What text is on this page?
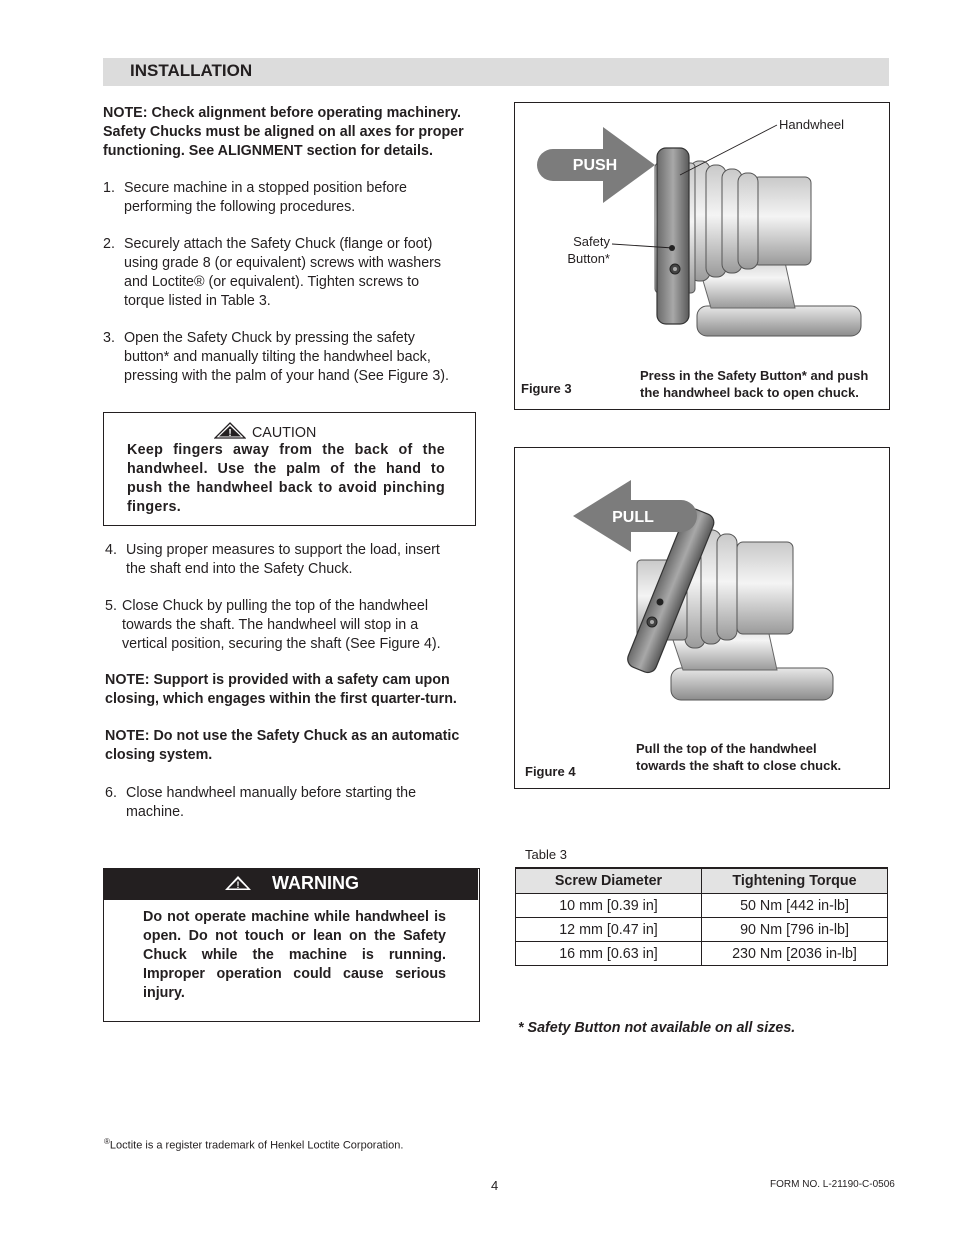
INSTALLATION
NOTE: Check alignment before operating machinery. Safety Chucks must be aligned on all axes for proper functioning. See ALIGNMENT section for details.
1. Secure machine in a stopped position before
performing the following procedures.
2. Securely attach the Safety Chuck (flange or foot)
using grade 8 (or equivalent) screws with washers
and Loctite® (or equivalent). Tighten screws to
torque listed in Table 3.
3. Open the Safety Chuck by pressing the safety
button* and manually tilting the handwheel back,
pressing with the palm of your hand (See Figure 3).
! CAUTION
Keep fingers away from the back of the handwheel. Use the palm of the hand to push the handwheel back to avoid pinching fingers.
4. Using proper measures to support the load, insert
the shaft end into the Safety Chuck.
5. Close Chuck by pulling the top of the handwheel
towards the shaft. The handwheel will stop in a
vertical position, securing the shaft (See Figure 4).
NOTE: Support is provided with a safety cam upon closing, which engages within the first quarter-turn.
NOTE: Do not use the Safety Chuck as an automatic closing system.
6. Close handwheel manually before starting the
machine.
! WARNING
Do not operate machine while handwheel is open. Do not touch or lean on the Safety Chuck while the machine is running. Improper operation could cause serious injury.
PUSH
Handwheel
Safety
Button*
Press in the Safety Button* and push
the handwheel back to open chuck.
Figure 3
PULL
Pull the top of the handwheel
towards the shaft to close chuck.
Figure 4
Table 3
Screw Diameter	Tightening Torque
10 mm [0.39 in]	50 Nm [442 in-lb]
12 mm [0.47 in]	90 Nm [796 in-lb]
16 mm [0.63 in]	230 Nm [2036 in-lb]
* Safety Button not available on all sizes.
®Loctite is a register trademark of Henkel Loctite Corporation.
4	FORM NO. L-21190-C-0506
